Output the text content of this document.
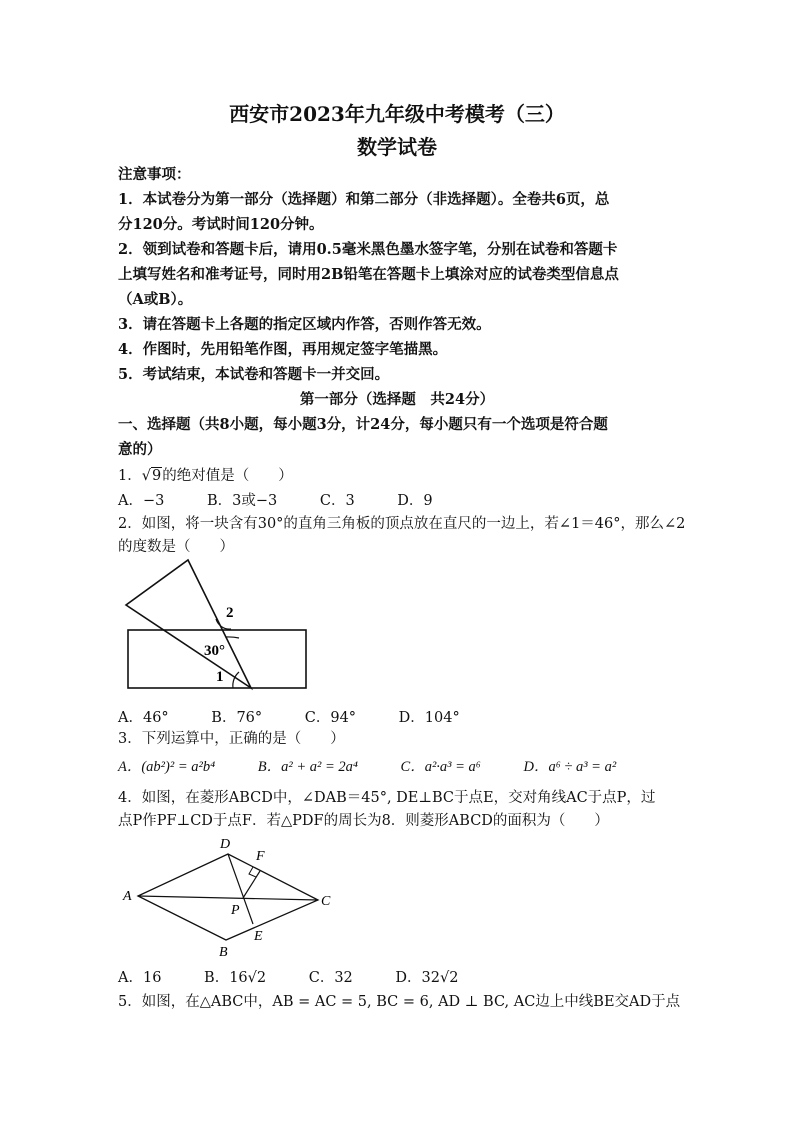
西安市2023年九年级中考模考（三）
数学试卷
注意事项：
1．本试卷分为第一部分（选择题）和第二部分（非选择题）。全卷共6页，总
分120分。考试时间120分钟。
2．领到试卷和答题卡后，请用0.5毫米黑色墨水签字笔，分别在试卷和答题卡
上填写姓名和准考证号，同时用2B铅笔在答题卡上填涂对应的试卷类型信息点
（A或B）。
3．请在答题卡上各题的指定区域内作答，否则作答无效。
4．作图时，先用铅笔作图，再用规定签字笔描黑。
5．考试结束，本试卷和答题卡一并交回。
第一部分（选择题　共24分）
一、选择题（共8小题，每小题3分，计24分，每小题只有一个选项是符合题
意的）
1．√9的绝对值是（　　）
A．−3	B．3或−3	C．3	D．9
2．如图，将一块含有30°的直角三角板的顶点放在直尺的一边上，若∠1＝46°，那么∠2
的度数是（　　）
2
30°
1
A．46°	B．76°	C．94°	D．104°
3．下列运算中，正确的是（　　）
A．(ab²)² = a²b⁴	B．a² + a² = 2a⁴	C．a²·a³ = a⁶	D．a⁶ ÷ a³ = a²
4．如图，在菱形ABCD中，∠DAB＝45°, DE⊥BC于点E，交对角线AC于点P，过
点P作PF⊥CD于点F．若△PDF的周长为8．则菱形ABCD的面积为（　　）
A
D
F
C
P
B
E
A．16	B．16√2	C．32	D．32√2
5．如图，在△ABC中，AB = AC = 5, BC = 6, AD ⊥ BC, AC边上中线BE交AD于点
